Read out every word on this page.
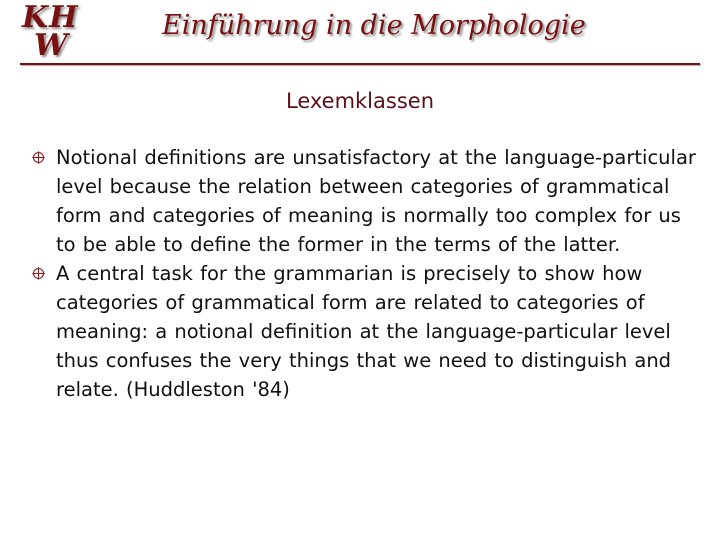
KH
W
Einführung in die Morphologie
Lexemklassen
Notional definitions are unsatisfactory at the language-particular level because the relation between categories of grammatical form and categories of meaning is normally too complex for us to be able to define the former in the terms of the latter.
A central task for the grammarian is precisely to show how categories of grammatical form are related to categories of meaning: a notional definition at the language-particular level thus confuses the very things that we need to distinguish and relate. (Huddleston '84)
